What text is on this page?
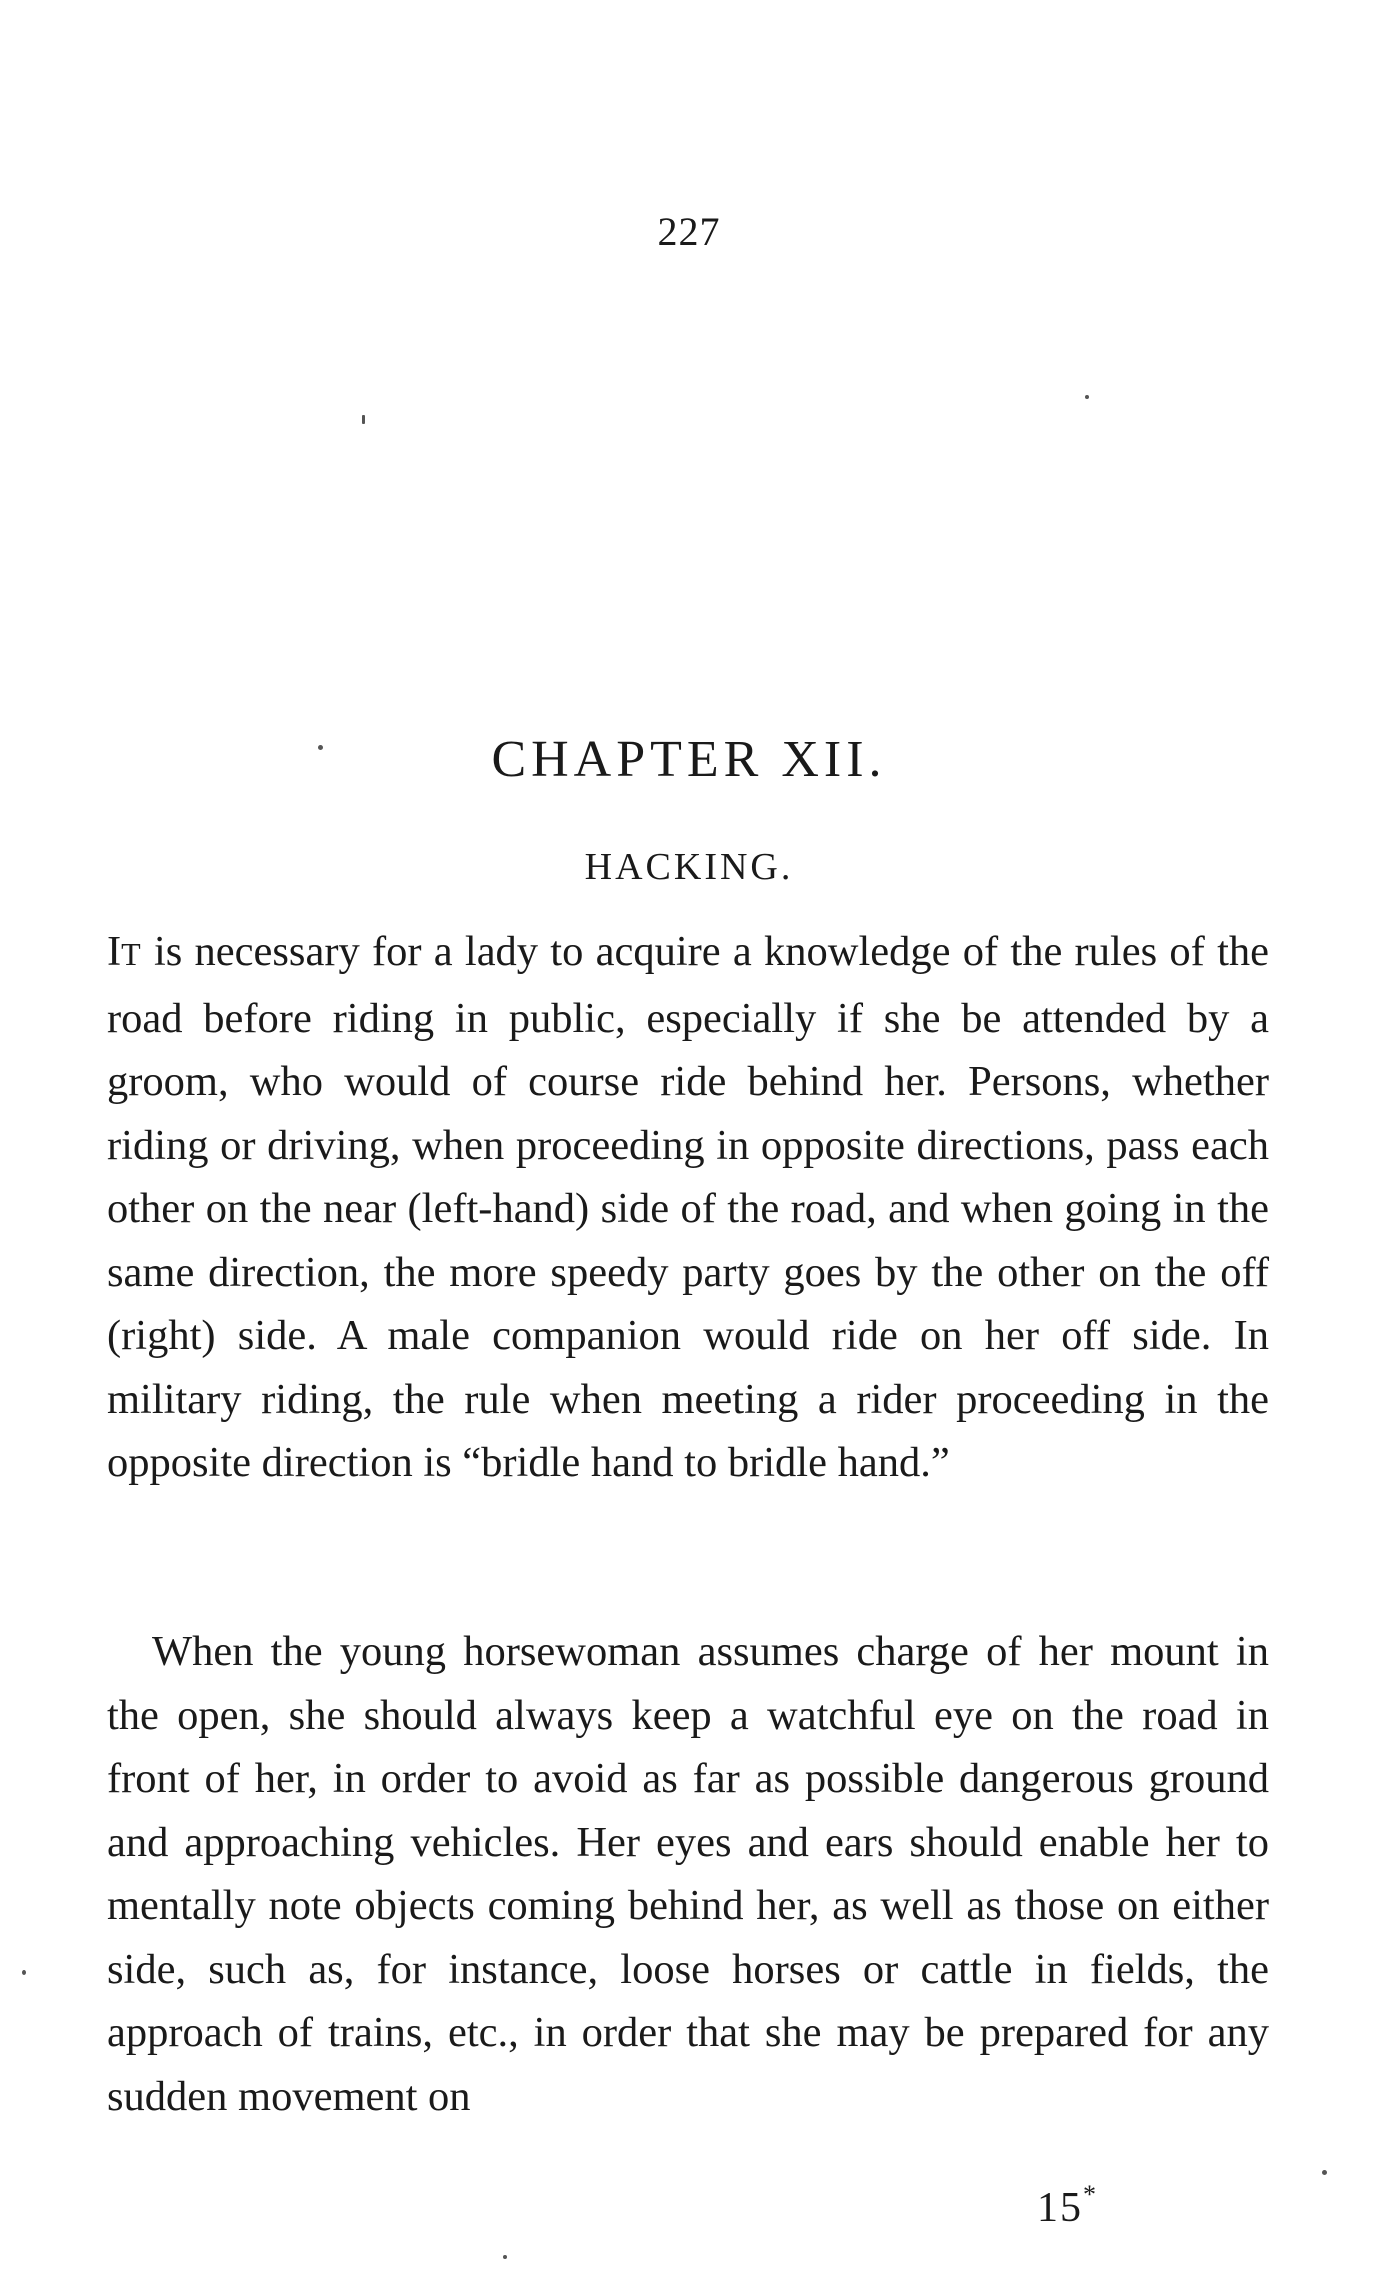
227
CHAPTER XII.
HACKING.

IT is necessary for a lady to acquire a knowledge of the rules of the road before riding in public, especially if she be attended by a groom, who would of course ride behind her. Persons, whether riding or driving, when proceeding in opposite directions, pass each other on the near (left-hand) side of the road, and when going in the same direction, the more speedy party goes by the other on the off (right) side. A male companion would ride on her off side. In military riding, the rule when meeting a rider proceeding in the opposite direction is “bridle hand to bridle hand.”

When the young horsewoman assumes charge of her mount in the open, she should always keep a watchful eye on the road in front of her, in order to avoid as far as possible dangerous ground and approaching vehicles. Her eyes and ears should enable her to mentally note objects coming behind her, as well as those on either side, such as, for instance, loose horses or cattle in fields, the approach of trains, etc., in order that she may be prepared for any sudden movement on

15*
